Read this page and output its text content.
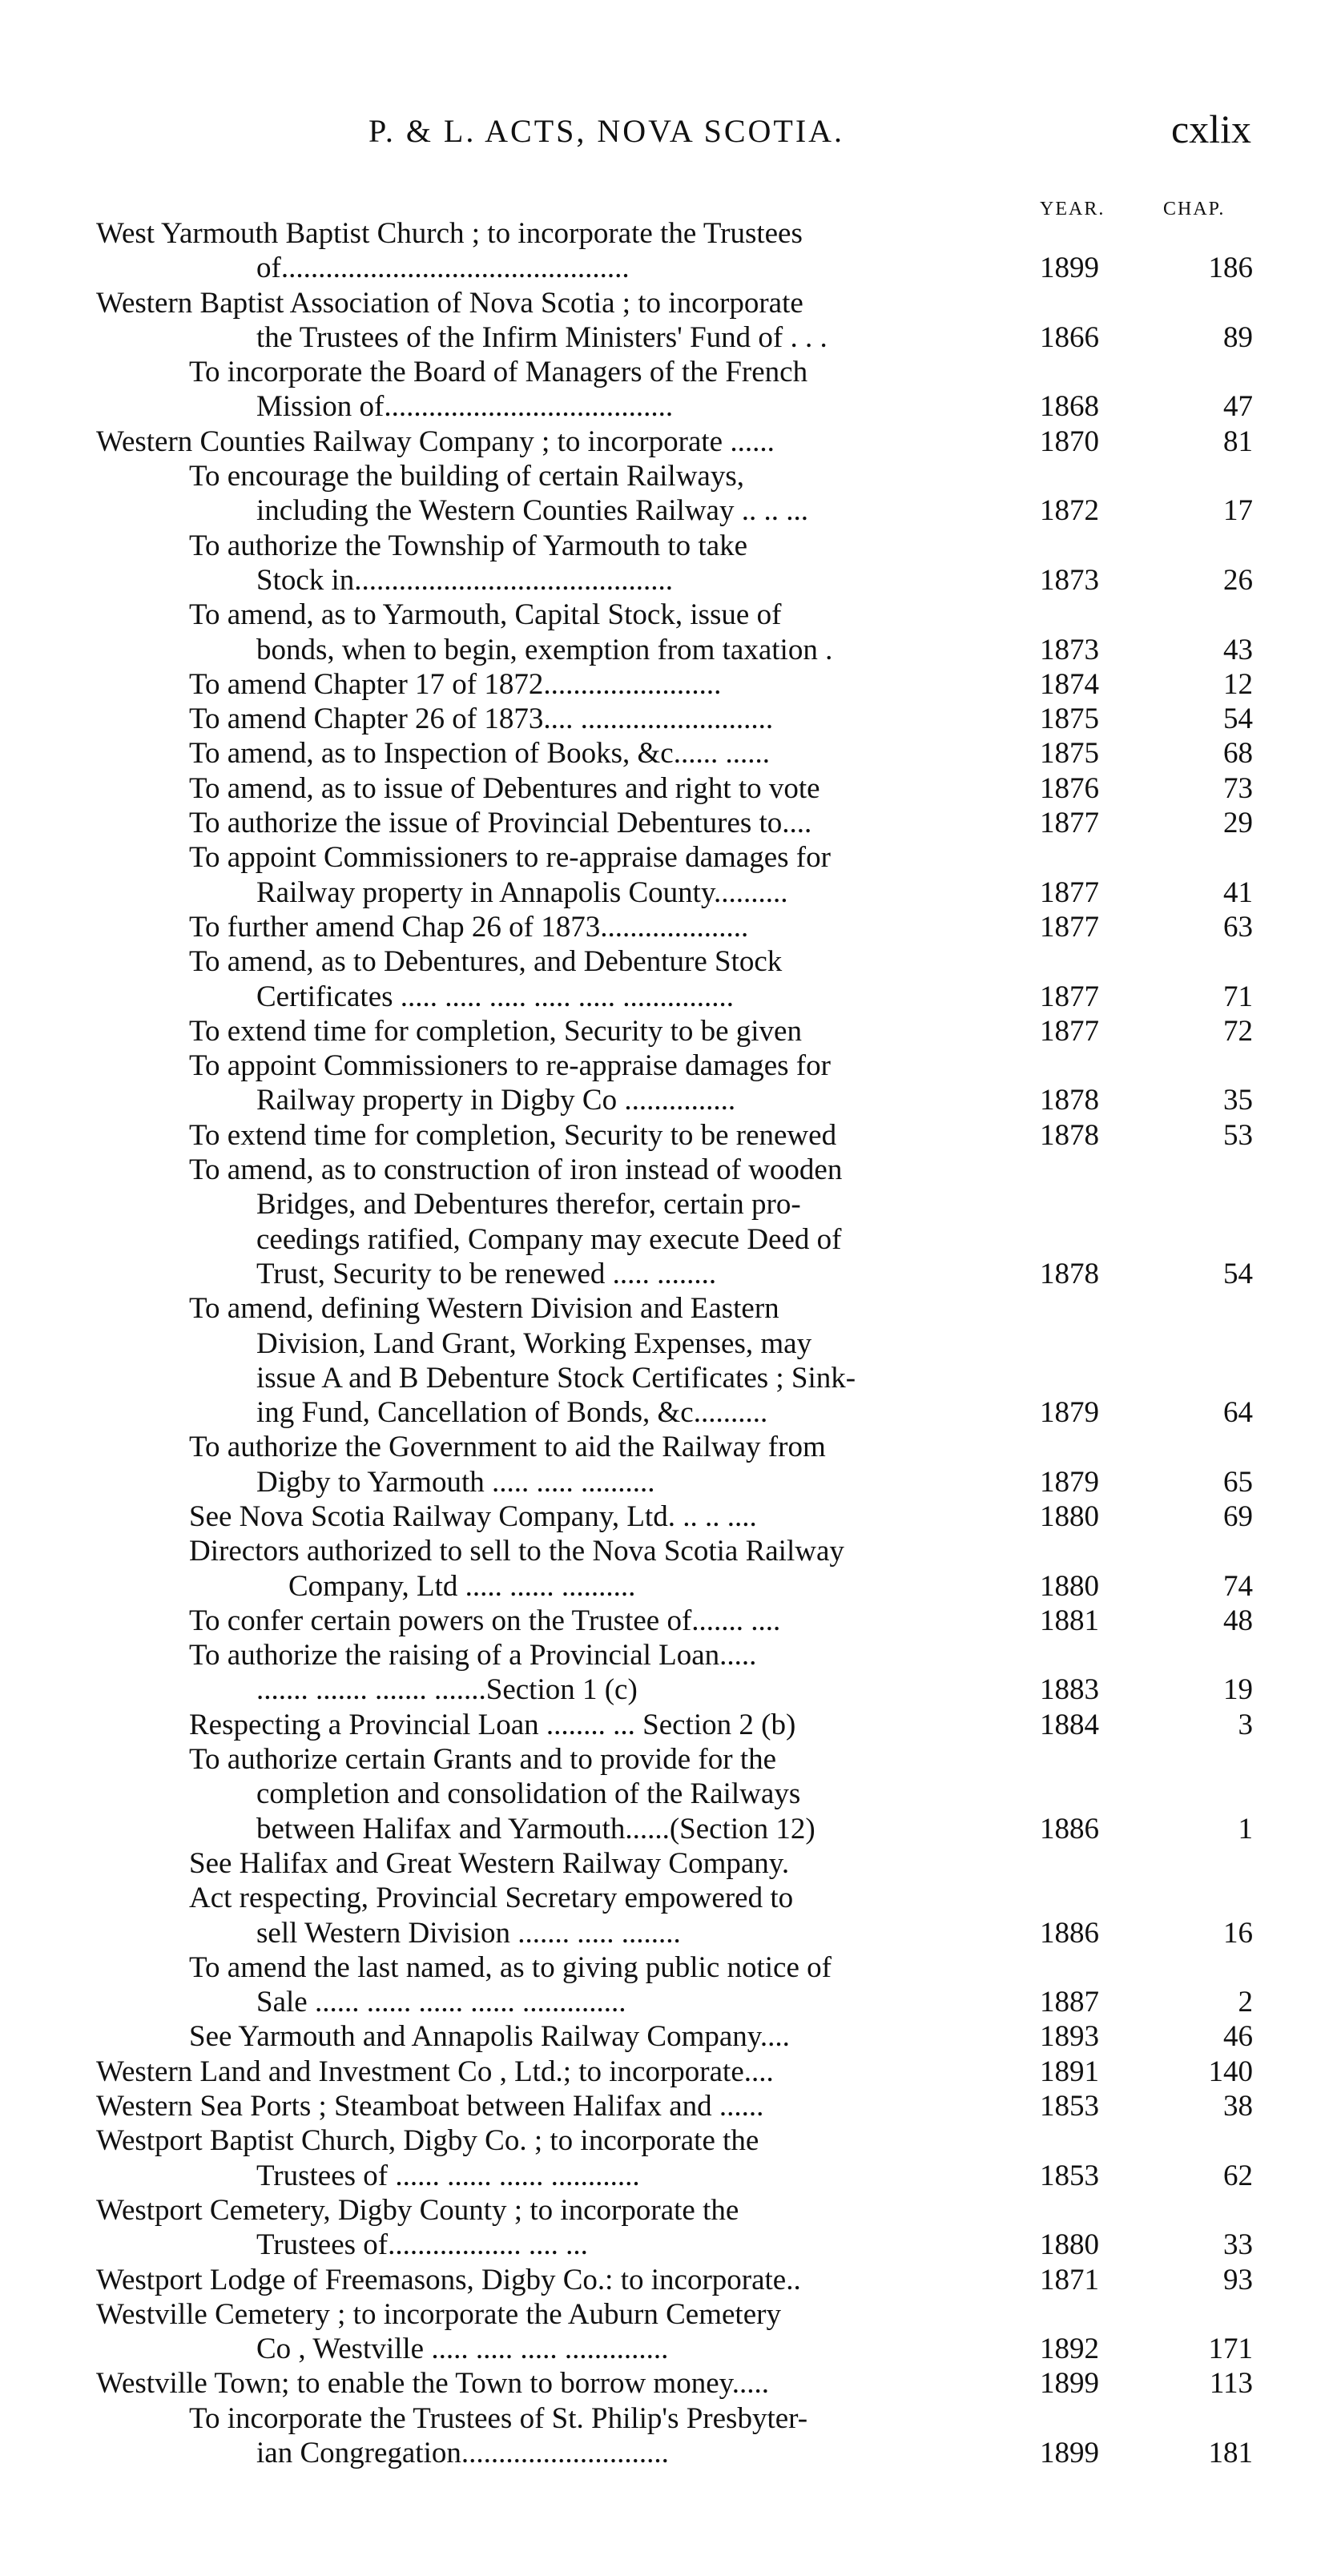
P. & L. ACTS, NOVA SCOTIA.	cxlix
YEAR.	CHAP.
West Yarmouth Baptist Church ; to incorporate the Trustees
of...............................................	1899	186
Western Baptist Association of Nova Scotia ; to incorporate
the Trustees of the Infirm Ministers' Fund of . . .	1866	89
To incorporate the Board of Managers of the French
Mission of.......................................	1868	47
Western Counties Railway Company ; to incorporate ......	1870	81
To encourage the building of certain Railways,
including the Western Counties Railway .. .. ...	1872	17
To authorize the Township of Yarmouth to take
Stock in...........................................	1873	26
To amend, as to Yarmouth, Capital Stock, issue of
bonds, when to begin, exemption from taxation .	1873	43
To amend Chapter 17 of 1872........................	1874	12
To amend Chapter 26 of 1873.... ..........................	1875	54
To amend, as to Inspection of Books, &c...... ......	1875	68
To amend, as to issue of Debentures and right to vote	1876	73
To authorize the issue of Provincial Debentures to....	1877	29
To appoint Commissioners to re-appraise damages for
Railway property in Annapolis County..........	1877	41
To further amend Chap 26 of 1873....................	1877	63
To amend, as to Debentures, and Debenture Stock
Certificates ..... ..... ..... ..... ..... ...............	1877	71
To extend time for completion, Security to be given	1877	72
To appoint Commissioners to re-appraise damages for
Railway property in Digby Co ...............	1878	35
To extend time for completion, Security to be renewed	1878	53
To amend, as to construction of iron instead of wooden
Bridges, and Debentures therefor, certain pro-
ceedings ratified, Company may execute Deed of
Trust, Security to be renewed ..... ........	1878	54
To amend, defining Western Division and Eastern
Division, Land Grant, Working Expenses, may
issue A and B Debenture Stock Certificates ; Sink-
ing Fund, Cancellation of Bonds, &c..........	1879	64
To authorize the Government to aid the Railway from
Digby to Yarmouth ..... ..... ..........	1879	65
See Nova Scotia Railway Company, Ltd. .. .. ....	1880	69
Directors authorized to sell to the Nova Scotia Railway
Company, Ltd ..... ...... ..........	1880	74
To confer certain powers on the Trustee of....... ....	1881	48
To authorize the raising of a Provincial Loan.....
....... ....... ....... .......Section 1 (c)	1883	19
Respecting a Provincial Loan ........ ... Section 2 (b)	1884	3
To authorize certain Grants and to provide for the
completion and consolidation of the Railways
between Halifax and Yarmouth......(Section 12)	1886	1
See Halifax and Great Western Railway Company.
Act respecting, Provincial Secretary empowered to
sell Western Division ....... ..... ........	1886	16
To amend the last named, as to giving public notice of
Sale ...... ...... ...... ...... ..............	1887	2
See Yarmouth and Annapolis Railway Company....	1893	46
Western Land and Investment Co , Ltd.; to incorporate....	1891	140
Western Sea Ports ; Steamboat between Halifax and ......	1853	38
Westport Baptist Church, Digby Co. ; to incorporate the
Trustees of ...... ...... ...... ............	1853	62
Westport Cemetery, Digby County ; to incorporate the
Trustees of.................. .... ...	1880	33
Westport Lodge of Freemasons, Digby Co.: to incorporate..	1871	93
Westville Cemetery ; to incorporate the Auburn Cemetery
Co , Westville ..... ..... ..... ..............	1892	171
Westville Town; to enable the Town to borrow money.....	1899	113
To incorporate the Trustees of St. Philip's Presbyter-
ian Congregation............................	1899	181
